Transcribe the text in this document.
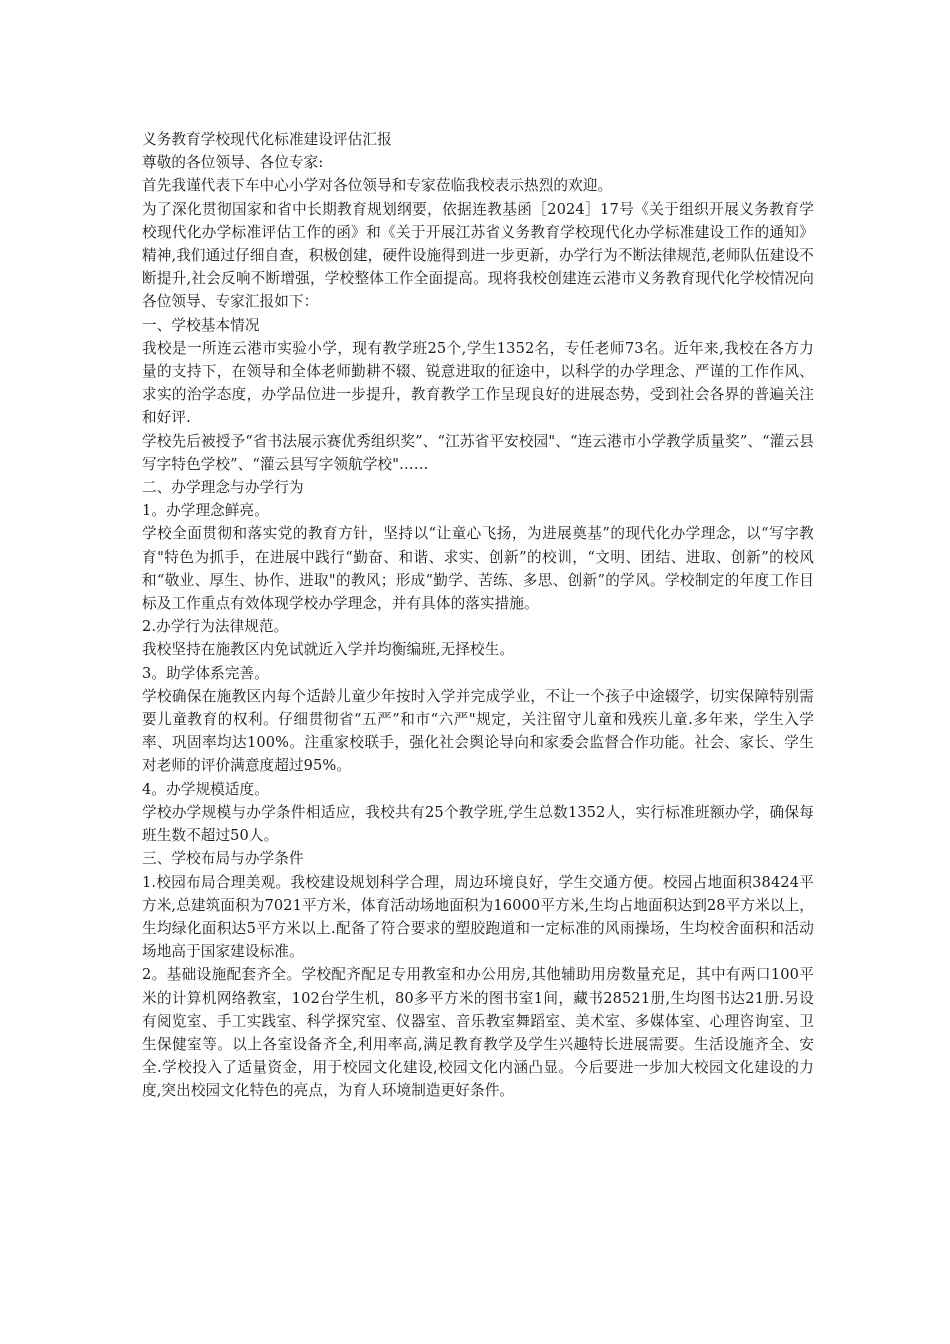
义务教育学校现代化标准建设评估汇报

尊敬的各位领导、各位专家:

首先我谨代表下车中心小学对各位领导和专家莅临我校表示热烈的欢迎。

为了深化贯彻国家和省中长期教育规划纲要，依据连教基函［2024］17号《关于组织开展义务教育学校现代化办学标准评估工作的函》和《关于开展江苏省义务教育学校现代化办学标准建设工作的通知》精神,我们通过仔细自查，积极创建，硬件设施得到进一步更新，办学行为不断法律规范,老师队伍建设不断提升,社会反响不断增强，学校整体工作全面提高。现将我校创建连云港市义务教育现代化学校情况向各位领导、专家汇报如下：

一、学校基本情况

我校是一所连云港市实验小学，现有教学班25个,学生1352名，专任老师73名。近年来,我校在各方力量的支持下，在领导和全体老师勤耕不辍、锐意进取的征途中，以科学的办学理念、严谨的工作作风、求实的治学态度，办学品位进一步提升，教育教学工作呈现良好的进展态势，受到社会各界的普遍关注和好评.

学校先后被授予“省书法展示赛优秀组织奖”、“江苏省平安校园"、“连云港市小学教学质量奖”、“灌云县写字特色学校”、“灌云县写字领航学校"……

二、办学理念与办学行为

1。办学理念鲜亮。

学校全面贯彻和落实党的教育方针，坚持以“让童心飞扬，为进展奠基”的现代化办学理念，以“写字教育"特色为抓手，在进展中践行“勤奋、和谐、求实、创新”的校训，“文明、团结、进取、创新”的校风和“敬业、厚生、协作、进取"的教风；形成“勤学、苦练、多思、创新”的学风。学校制定的年度工作目标及工作重点有效体现学校办学理念，并有具体的落实措施。

2.办学行为法律规范。

我校坚持在施教区内免试就近入学并均衡编班,无择校生。

3。助学体系完善。

学校确保在施教区内每个适龄儿童少年按时入学并完成学业，不让一个孩子中途辍学，切实保障特别需要儿童教育的权利。仔细贯彻省“五严”和市“六严"规定，关注留守儿童和残疾儿童.多年来，学生入学率、巩固率均达100%。注重家校联手，强化社会舆论导向和家委会监督合作功能。社会、家长、学生对老师的评价满意度超过95%。

4。办学规模适度。

学校办学规模与办学条件相适应，我校共有25个教学班,学生总数1352人，实行标准班额办学，确保每班生数不超过50人。

三、学校布局与办学条件

1.校园布局合理美观。我校建设规划科学合理，周边环境良好，学生交通方便。校园占地面积38424平方米,总建筑面积为7021平方米，体育活动场地面积为16000平方米,生均占地面积达到28平方米以上，生均绿化面积达5平方米以上.配备了符合要求的塑胶跑道和一定标准的风雨操场，生均校舍面积和活动场地高于国家建设标准。

2。基础设施配套齐全。学校配齐配足专用教室和办公用房,其他辅助用房数量充足，其中有两口100平米的计算机网络教室，102台学生机，80多平方米的图书室1间，藏书28521册,生均图书达21册.另设有阅览室、手工实践室、科学探究室、仪器室、音乐教室舞蹈室、美术室、多媒体室、心理咨询室、卫生保健室等。以上各室设备齐全,利用率高,满足教育教学及学生兴趣特长进展需要。生活设施齐全、安全.学校投入了适量资金，用于校园文化建设,校园文化内涵凸显。今后要进一步加大校园文化建设的力度,突出校园文化特色的亮点，为育人环境制造更好条件。
